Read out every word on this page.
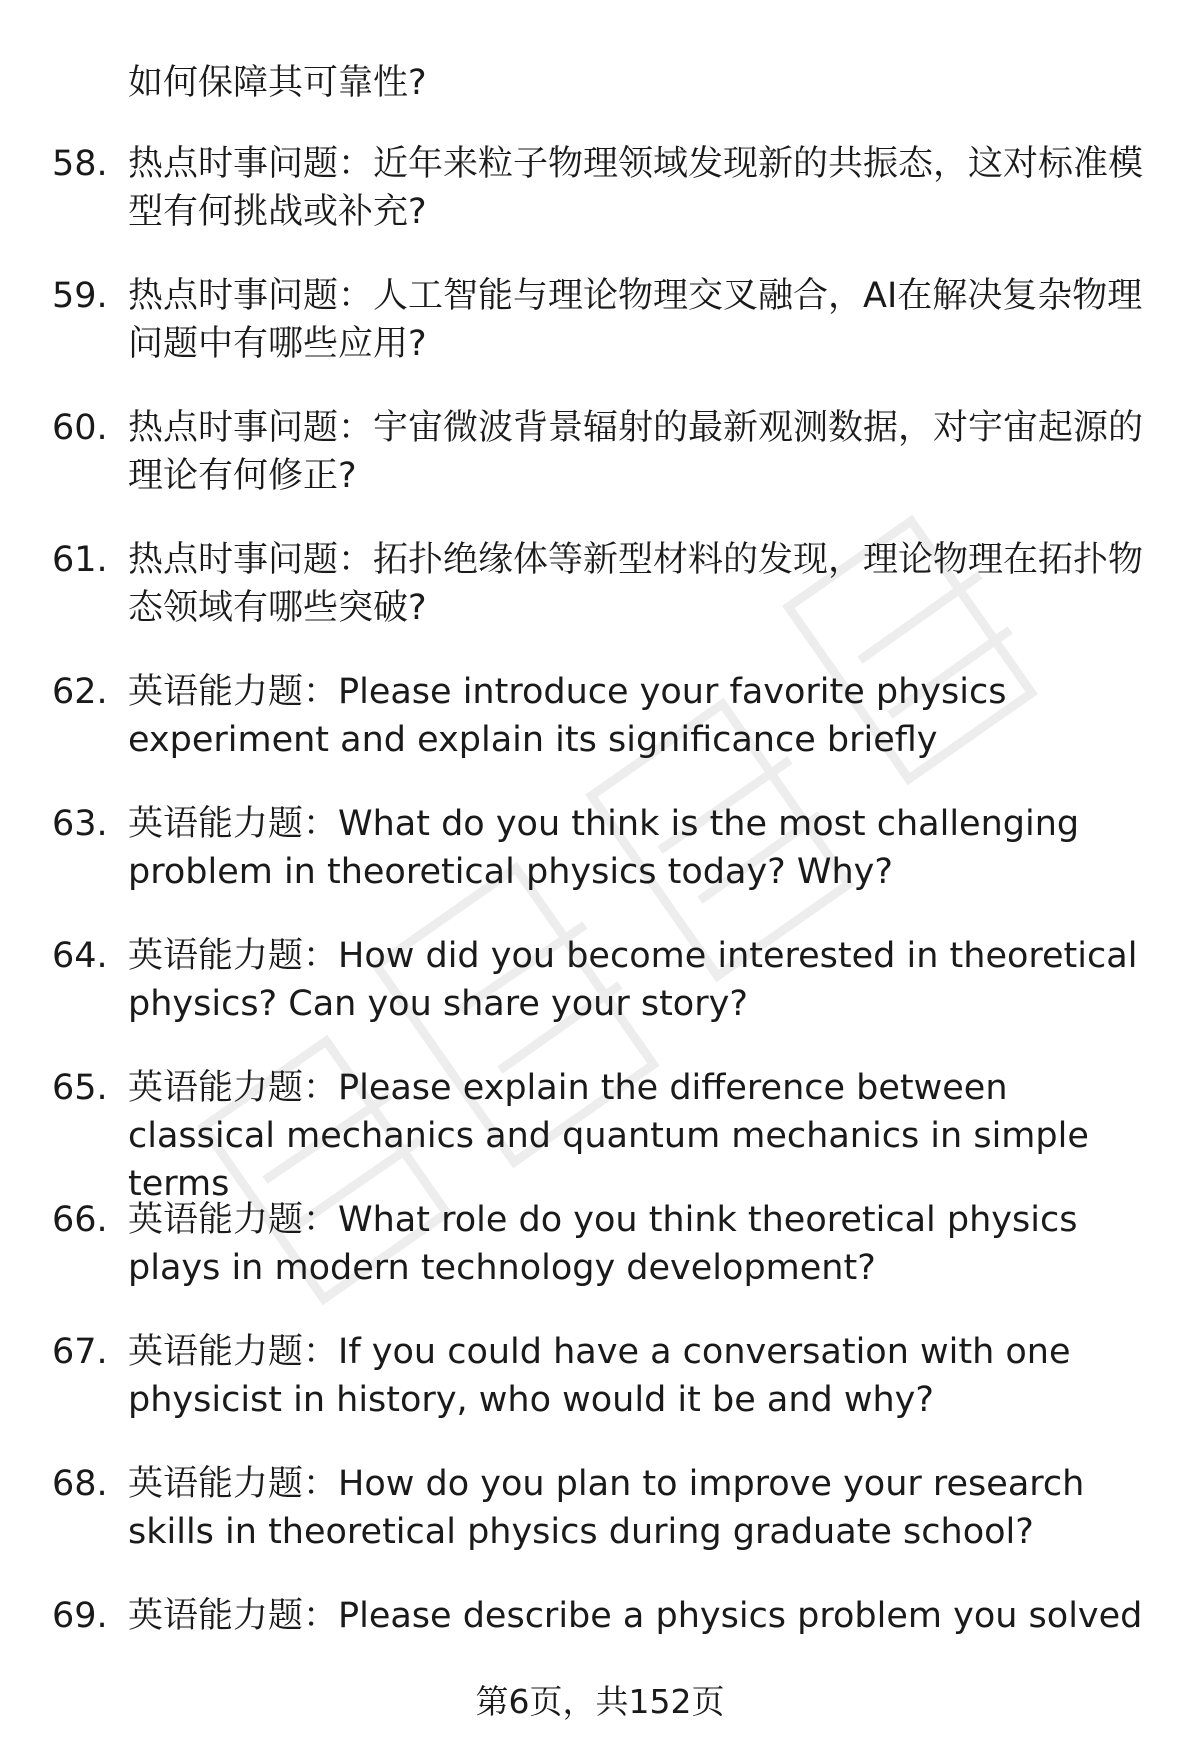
如何保障其可靠性?
58. 热点时事问题：近年来粒子物理领域发现新的共振态，这对标准模型有何挑战或补充?
59. 热点时事问题：人工智能与理论物理交叉融合，AI在解决复杂物理问题中有哪些应用?
60. 热点时事问题：宇宙微波背景辐射的最新观测数据，对宇宙起源的理论有何修正?
61. 热点时事问题：拓扑绝缘体等新型材料的发现，理论物理在拓扑物态领域有哪些突破?
62. 英语能力题：Please introduce your favorite physics experiment and explain its significance briefly
63. 英语能力题：What do you think is the most challenging problem in theoretical physics today? Why?
64. 英语能力题：How did you become interested in theoretical physics? Can you share your story?
65. 英语能力题：Please explain the difference between classical mechanics and quantum mechanics in simple terms
66. 英语能力题：What role do you think theoretical physics plays in modern technology development?
67. 英语能力题：If you could have a conversation with one physicist in history, who would it be and why?
68. 英语能力题：How do you plan to improve your research skills in theoretical physics during graduate school?
69. 英语能力题：Please describe a physics problem you solved
第6页，共152页
